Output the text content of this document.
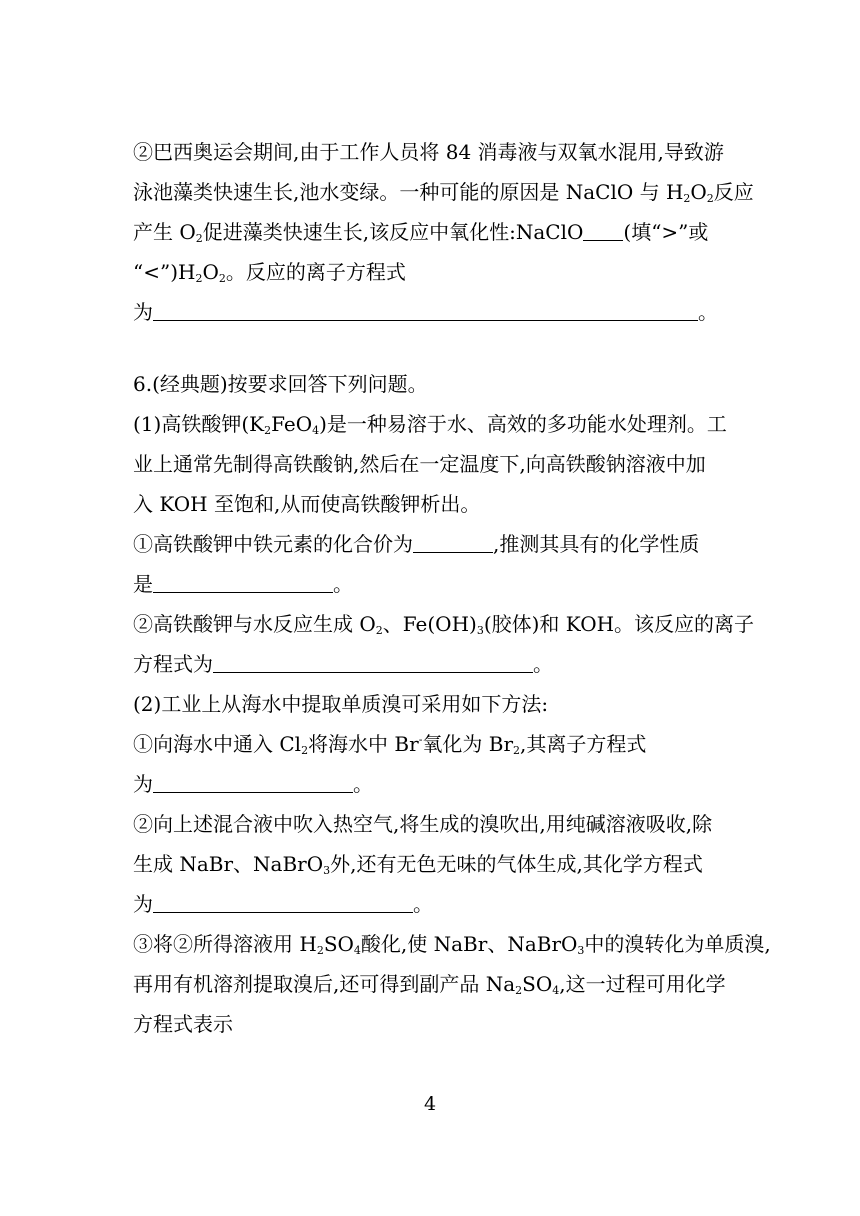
②巴西奥运会期间,由于工作人员将 84 消毒液与双氧水混用,导致游
泳池藻类快速生长,池水变绿。一种可能的原因是 NaClO 与 $H_2O_2$反应
产生 $O_2$促进藻类快速生长,该反应中氧化性:NaClO (填“>”或
“$<”)H_2O_2$。反应的离子方程式
为	。
6.(经典题)按要求回答下列问题。
(1)高铁酸钾$(K_2FeO_4)$是一种易溶于水、高效的多功能水处理剂。工
业上通常先制得高铁酸钠,然后在一定温度下,向高铁酸钠溶液中加
入 KOH 至饱和,从而使高铁酸钾析出。
①高铁酸钾中铁元素的化合价为	,推测其具有的化学性质
是	。
②高铁酸钾与水反应生成 $O_2$、$Fe(OH)_3$(胶体)和 KOH。该反应的离子
方程式为	。
(2)工业上从海水中提取单质溴可采用如下方法:
①向海水中通入 $Cl_2$将海水中 Br-氧化为 $Br_2$,其离子方程式
为	。
②向上述混合液中吹入热空气,将生成的溴吹出,用纯碱溶液吸收,除
生成 NaBr、NaBrO$_3$外,还有无色无味的气体生成,其化学方程式
为	。
③将②所得溶液用 $H_2SO_4$酸化,使 NaBr、NaBrO$_3$中的溴转化为单质溴,
再用有机溶剂提取溴后,还可得到副产品 $Na_2SO_4$,这一过程可用化学
方程式表示
4
